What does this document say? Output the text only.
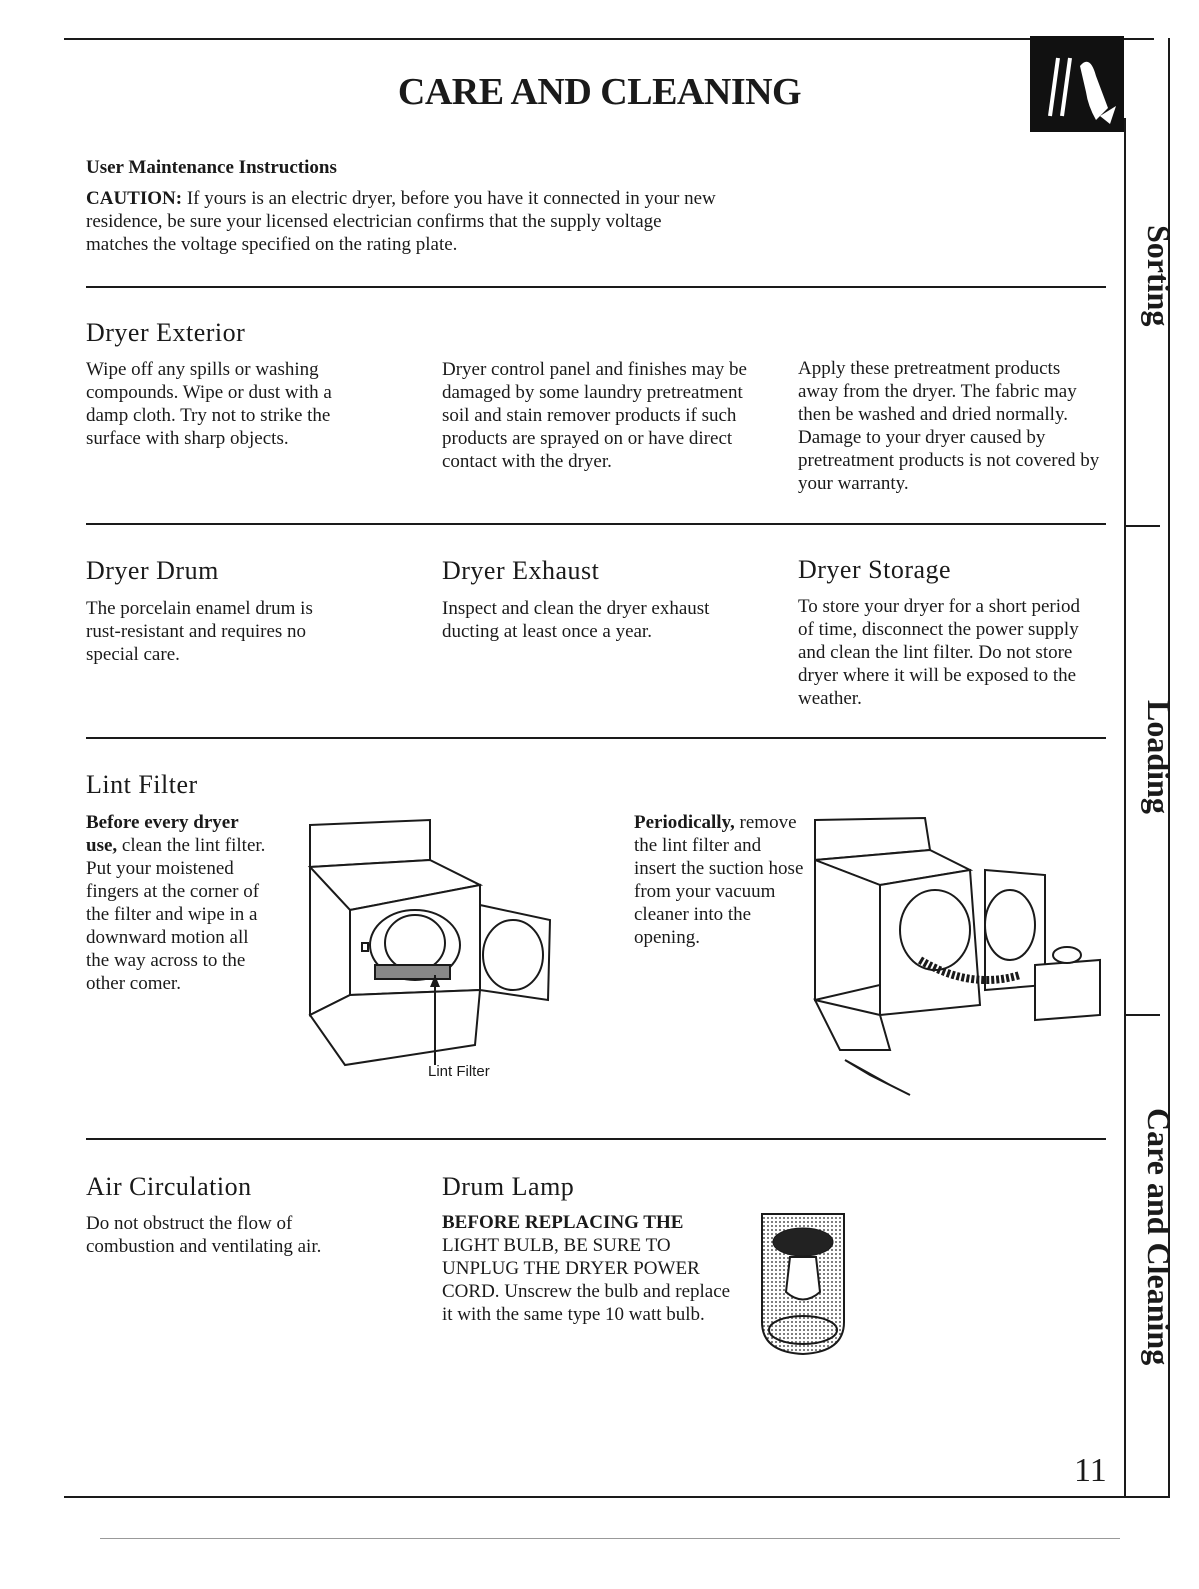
Sorting
Loading
Care and Cleaning
CARE AND CLEANING
User Maintenance Instructions
CAUTION: If yours is an electric dryer, before you have it connected in your new residence, be sure your licensed electrician confirms that the supply voltage matches the voltage specified on the rating plate.
Dryer Exterior
Wipe off any spills or washing compounds. Wipe or dust with a damp cloth. Try not to strike the surface with sharp objects.
Dryer control panel and finishes may be damaged by some laundry pretreatment soil and stain remover products if such products are sprayed on or have direct contact with the dryer.
Apply these pretreatment products away from the dryer. The fabric may then be washed and dried normally. Damage to your dryer caused by pretreatment products is not covered by your warranty.
Dryer Drum
The porcelain enamel drum is rust-resistant and requires no special care.
Dryer Exhaust
Inspect and clean the dryer exhaust ducting at least once a year.
Dryer Storage
To store your dryer for a short period of time, disconnect the power supply and clean the lint filter. Do not store dryer where it will be exposed to the weather.
Lint Filter
Before every dryer use, clean the lint filter. Put your moistened fingers at the corner of the filter and wipe in a downward motion all the way across to the other comer.
Lint Filter
Periodically, remove the lint filter and insert the suction hose from your vacuum cleaner into the opening.
Air Circulation
Do not obstruct the flow of combustion and ventilating air.
Drum Lamp
BEFORE REPLACING THE LIGHT BULB, BE SURE TO UNPLUG THE DRYER POWER CORD. Unscrew the bulb and replace it with the same type 10 watt bulb.
11
